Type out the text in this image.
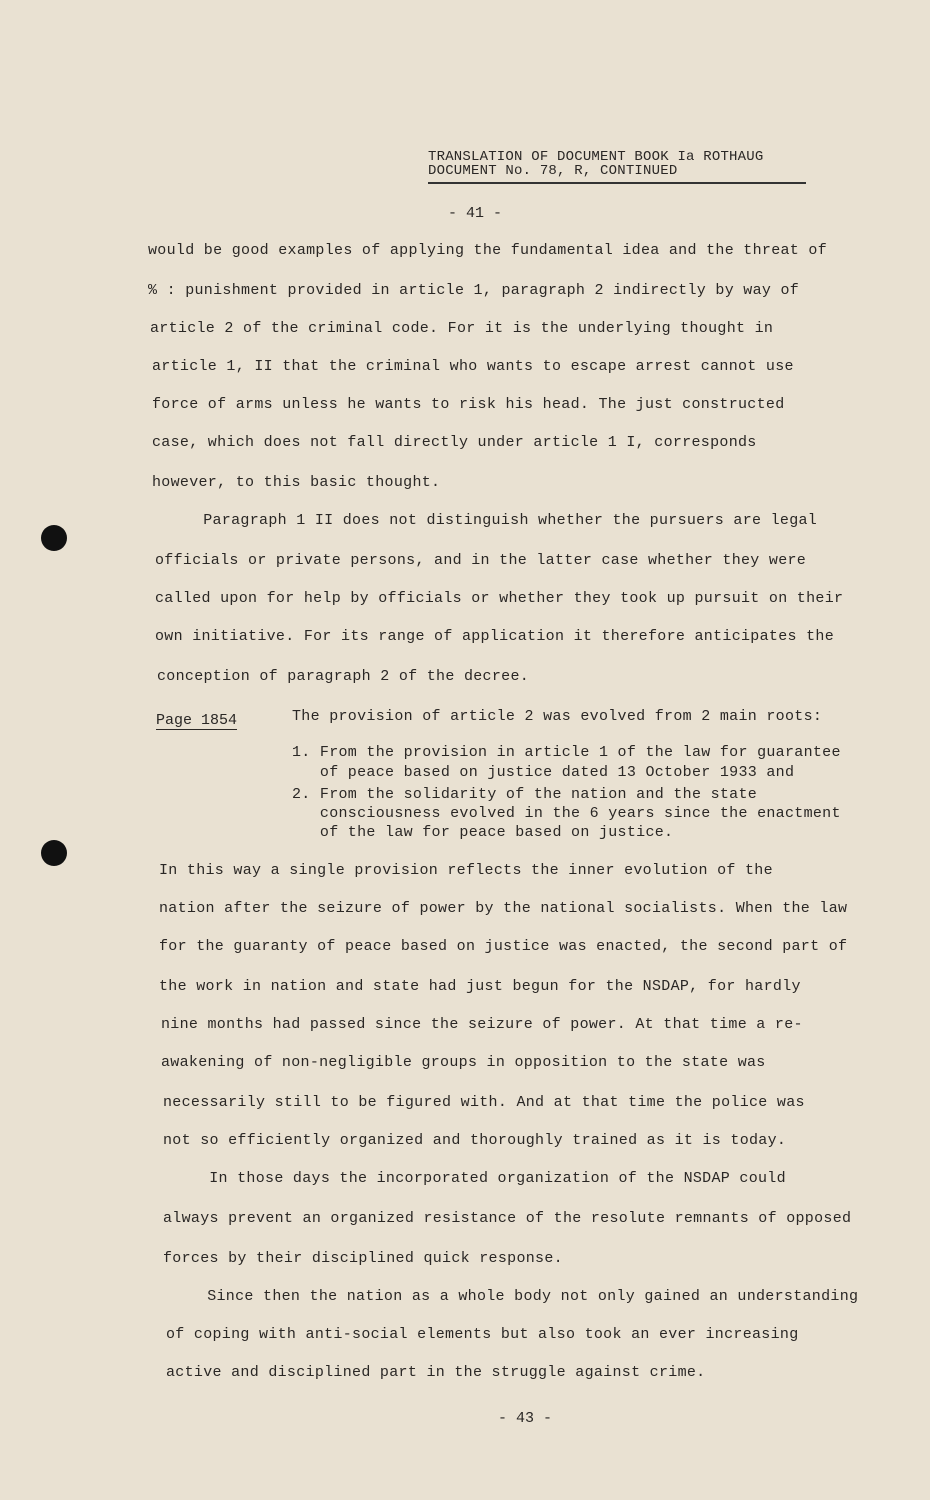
TRANSLATION OF DOCUMENT BOOK Ia ROTHAUG
DOCUMENT No. 78, R, CONTINUED
- 41 -
Page 1854
would be good examples of applying the fundamental idea and the threat of
% : punishment provided in article 1, paragraph 2 indirectly by way of
article 2 of the criminal code. For it is the underlying thought in
article 1, II that the criminal who wants to escape arrest cannot use
force of arms unless he wants to risk his head. The just constructed
case, which does not fall directly under article 1 I, corresponds
however, to this basic thought.
Paragraph 1 II does not distinguish whether the pursuers are legal
officials or private persons, and in the latter case whether they were
called upon for help by officials or whether they took up pursuit on their
own initiative. For its range of application it therefore anticipates the
conception of paragraph 2 of the decree.
The provision of article 2 was evolved from 2 main roots:
1. From the provision in article 1 of the law for guarantee
of peace based on justice dated 13 October 1933 and
2. From the solidarity of the nation and the state
consciousness evolved in the 6 years since the enactment
of the law for peace based on justice.
In this way a single provision reflects the inner evolution of the
nation after the seizure of power by the national socialists. When the law
for the guaranty of peace based on justice was enacted, the second part of
the work in nation and state had just begun for the NSDAP, for hardly
nine months had passed since the seizure of power. At that time a re-
awakening of non-negligible groups in opposition to the state was
necessarily still to be figured with. And at that time the police was
not so efficiently organized and thoroughly trained as it is today.
In those days the incorporated organization of the NSDAP could
always prevent an organized resistance of the resolute remnants of opposed
forces by their disciplined quick response.
Since then the nation as a whole body not only gained an understanding
of coping with anti-social elements but also took an ever increasing
active and disciplined part in the struggle against crime.
- 43 -
